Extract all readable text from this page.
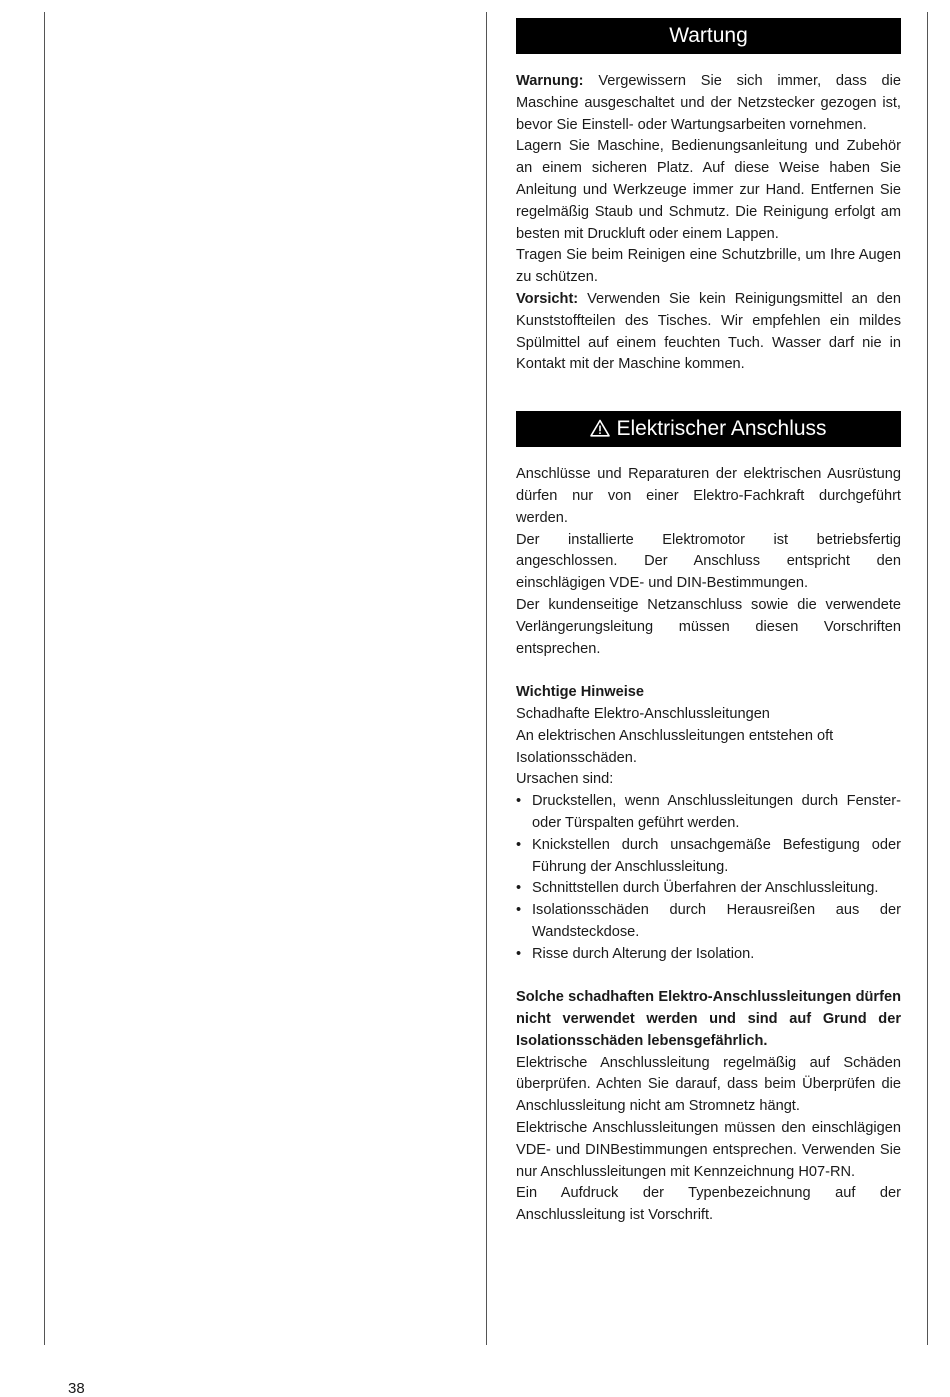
Wartung

Warnung: Vergewissern Sie sich immer, dass die Maschine ausgeschaltet und der Netzstecker gezogen ist, bevor Sie Einstell- oder Wartungsarbeiten vornehmen.

Lagern Sie Maschine, Bedienungsanleitung und Zubehör an einem sicheren Platz. Auf diese Weise haben Sie Anleitung und Werkzeuge immer zur Hand. Entfernen Sie regelmäßig Staub und Schmutz. Die Reinigung erfolgt am besten mit Druckluft oder einem Lappen.

Tragen Sie beim Reinigen eine Schutzbrille, um Ihre Augen zu schützen.

Vorsicht: Verwenden Sie kein Reinigungsmittel an den Kunststoffteilen des Tisches. Wir empfehlen ein mildes Spülmittel auf einem feuchten Tuch. Wasser darf nie in Kontakt mit der Maschine kommen.

Elektrischer Anschluss

Anschlüsse und Reparaturen der elektrischen Ausrüstung dürfen nur von einer Elektro-Fachkraft durchgeführt werden.

Der installierte Elektromotor ist betriebsfertig angeschlossen. Der Anschluss entspricht den einschlägigen VDE- und DIN-Bestimmungen.

Der kundenseitige Netzanschluss sowie die verwendete Verlängerungsleitung müssen diesen Vorschriften entsprechen.

Wichtige Hinweise

Schadhafte Elektro-Anschlussleitungen

An elektrischen Anschlussleitungen entstehen oft Isolationsschäden.

Ursachen sind:

• Druckstellen, wenn Anschlussleitungen durch Fenster- oder Türspalten geführt werden.
• Knickstellen durch unsachgemäße Befestigung oder Führung der Anschlussleitung.
• Schnittstellen durch Überfahren der Anschlussleitung.
• Isolationsschäden durch Herausreißen aus der Wandsteckdose.
• Risse durch Alterung der Isolation.

Solche schadhaften Elektro-Anschlussleitungen dürfen nicht verwendet werden und sind auf Grund der Isolationsschäden lebensgefährlich.

Elektrische Anschlussleitung regelmäßig auf Schäden überprüfen. Achten Sie darauf, dass beim Überprüfen die Anschlussleitung nicht am Stromnetz hängt.

Elektrische Anschlussleitungen müssen den einschlägigen VDE- und DINBestimmungen entsprechen. Verwenden Sie nur Anschlussleitungen mit Kennzeichnung H07-RN.

Ein Aufdruck der Typenbezeichnung auf der Anschlussleitung ist Vorschrift.

38
